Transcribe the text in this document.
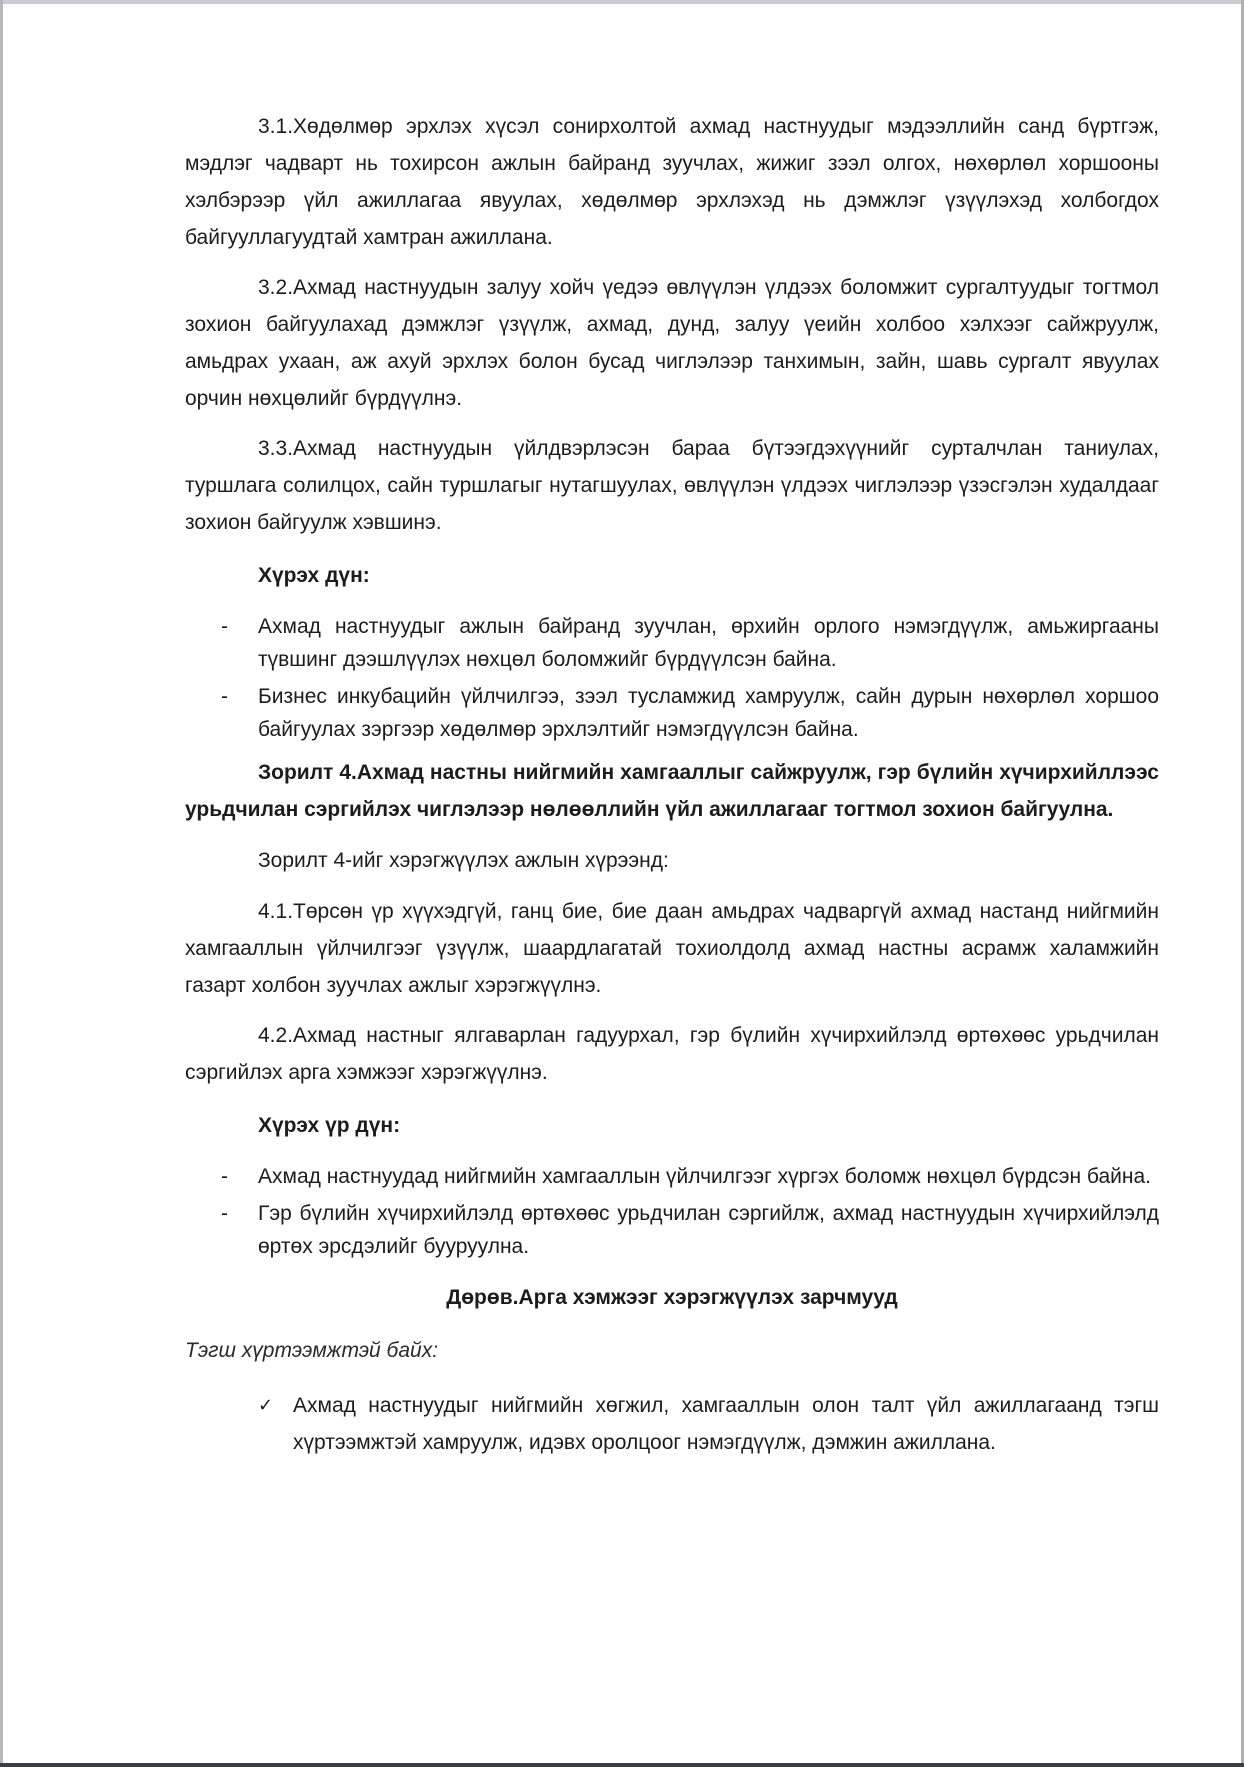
3.1.Хөдөлмөр эрхлэх хүсэл сонирхолтой ахмад настнуудыг мэдээллийн санд бүртгэж, мэдлэг чадварт нь тохирсон ажлын байранд зуучлах, жижиг зээл олгох, нөхөрлөл хоршооны хэлбэрээр үйл ажиллагаа явуулах, хөдөлмөр эрхлэхэд нь дэмжлэг үзүүлэхэд холбогдох байгууллагуудтай хамтран ажиллана.

3.2.Ахмад настнуудын залуу хойч үедээ өвлүүлэн үлдээх боломжит сургалтуудыг тогтмол зохион байгуулахад дэмжлэг үзүүлж, ахмад, дунд, залуу үеийн холбоо хэлхээг сайжруулж, амьдрах ухаан, аж ахуй эрхлэх болон бусад чиглэлээр танхимын, зайн, шавь сургалт явуулах орчин нөхцөлийг бүрдүүлнэ.

3.3.Ахмад настнуудын үйлдвэрлэсэн бараа бүтээгдэхүүнийг сурталчлан таниулах, туршлага солилцох, сайн туршлагыг нутагшуулах, өвлүүлэн үлдээх чиглэлээр үзэсгэлэн худалдааг зохион байгуулж хэвшинэ.

Хүрэх дүн:

- Ахмад настнуудыг ажлын байранд зуучлан, өрхийн орлого нэмэгдүүлж, амьжиргааны түвшинг дээшлүүлэх нөхцөл боломжийг бүрдүүлсэн байна.
- Бизнес инкубацийн үйлчилгээ, зээл тусламжид хамруулж, сайн дурын нөхөрлөл хоршоо байгуулах зэргээр хөдөлмөр эрхлэлтийг нэмэгдүүлсэн байна.

Зорилт 4.Ахмад настны нийгмийн хамгааллыг сайжруулж, гэр бүлийн хүчирхийллээс урьдчилан сэргийлэх чиглэлээр нөлөөллийн үйл ажиллагааг тогтмол зохион байгуулна.

Зорилт 4-ийг хэрэгжүүлэх ажлын хүрээнд:

4.1.Төрсөн үр хүүхэдгүй, ганц бие, бие даан амьдрах чадваргүй ахмад настанд нийгмийн хамгааллын үйлчилгээг үзүүлж, шаардлагатай тохиолдолд ахмад настны асрамж халамжийн газарт холбон зуучлах ажлыг хэрэгжүүлнэ.

4.2.Ахмад настныг ялгаварлан гадуурхал, гэр бүлийн хүчирхийлэлд өртөхөөс урьдчилан сэргийлэх арга хэмжээг хэрэгжүүлнэ.

Хүрэх үр дүн:

- Ахмад настнуудад нийгмийн хамгааллын үйлчилгээг хүргэх боломж нөхцөл бүрдсэн байна.
- Гэр бүлийн хүчирхийлэлд өртөхөөс урьдчилан сэргийлж, ахмад настнуудын хүчирхийлэлд өртөх эрсдэлийг бууруулна.

Дөрөв.Арга хэмжээг хэрэгжүүлэх зарчмууд

Тэгш хүртээмжтэй байх:

✓ Ахмад настнуудыг нийгмийн хөгжил, хамгааллын олон талт үйл ажиллагаанд тэгш хүртээмжтэй хамруулж, идэвх оролцоог нэмэгдүүлж, дэмжин ажиллана.
